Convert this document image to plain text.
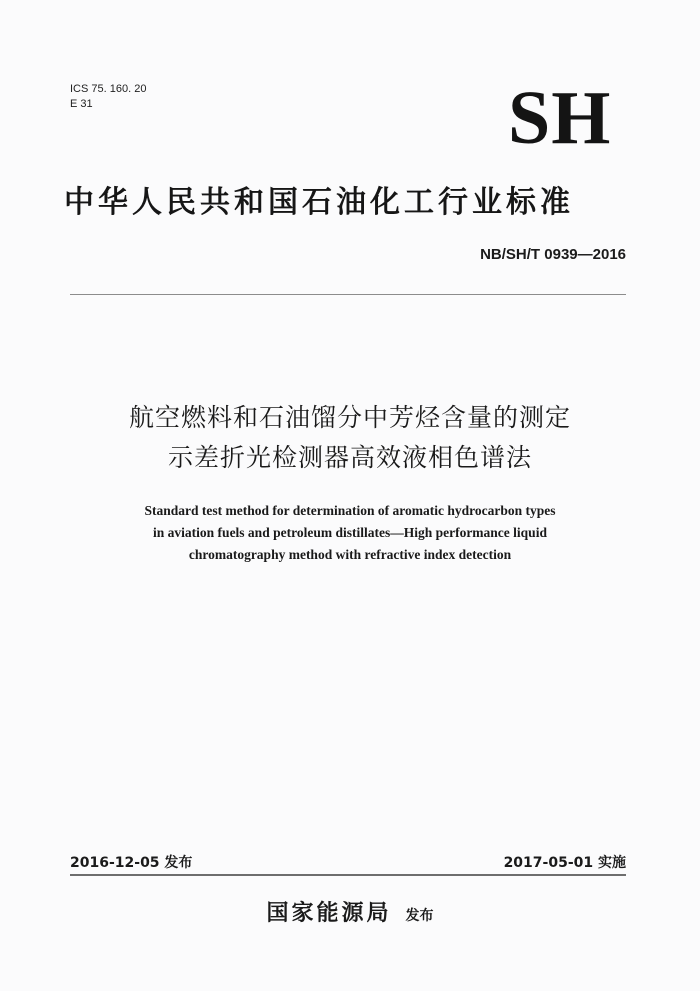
ICS 75. 160. 20
E 31	SH
中华人民共和国石油化工行业标准
NB/SH/T 0939—2016
航空燃料和石油馏分中芳烃含量的测定
示差折光检测器高效液相色谱法
Standard test method for determination of aromatic hydrocarbon types
in aviation fuels and petroleum distillates—High performance liquid
chromatography method with refractive index detection
2016-12-05 发布	2017-05-01 实施
国家能源局 发布
